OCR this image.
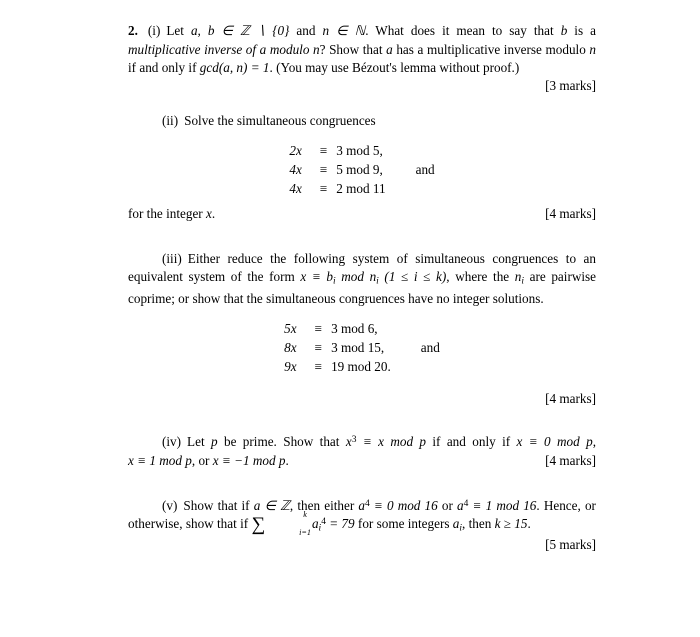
2. (i) Let a, b ∈ ℤ ∖ {0} and n ∈ ℕ. What does it mean to say that b is a multiplicative inverse of a modulo n? Show that a has a multiplicative inverse modulo n if and only if gcd(a, n) = 1. (You may use Bézout's lemma without proof.)

[3 marks]

(ii) Solve the simultaneous congruences

2x	≡	3 mod 5,	
4x	≡	5 mod 9,	and
4x	≡	2 mod 11	

for the integer x.	[4 marks]

(iii) Either reduce the following system of simultaneous congruences to an equivalent system of the form $x \equiv b_i$ mod $n_i$ (1 ≤ i ≤ k), where the $n_i$ are pairwise coprime; or show that the simultaneous congruences have no integer solutions.

5x	≡	3 mod 6,	
8x	≡	3 mod 15,	and
9x	≡	19 mod 20.	

[4 marks]

(iv) Let p be prime. Show that $x^3 \equiv x$ mod p if and only if x ≡ 0 mod p, x ≡ 1 mod p, or x ≡ −1 mod p.	[4 marks]

(v) Show that if a ∈ ℤ, then either $a^4 \equiv 0$ mod 16 or $a^4 \equiv 1$ mod 16. Hence, or otherwise, show that if ∑	k
i=1
$a_i^4 = 79$ for some integers $a_i$, then k ≥ 15.

[5 marks]
